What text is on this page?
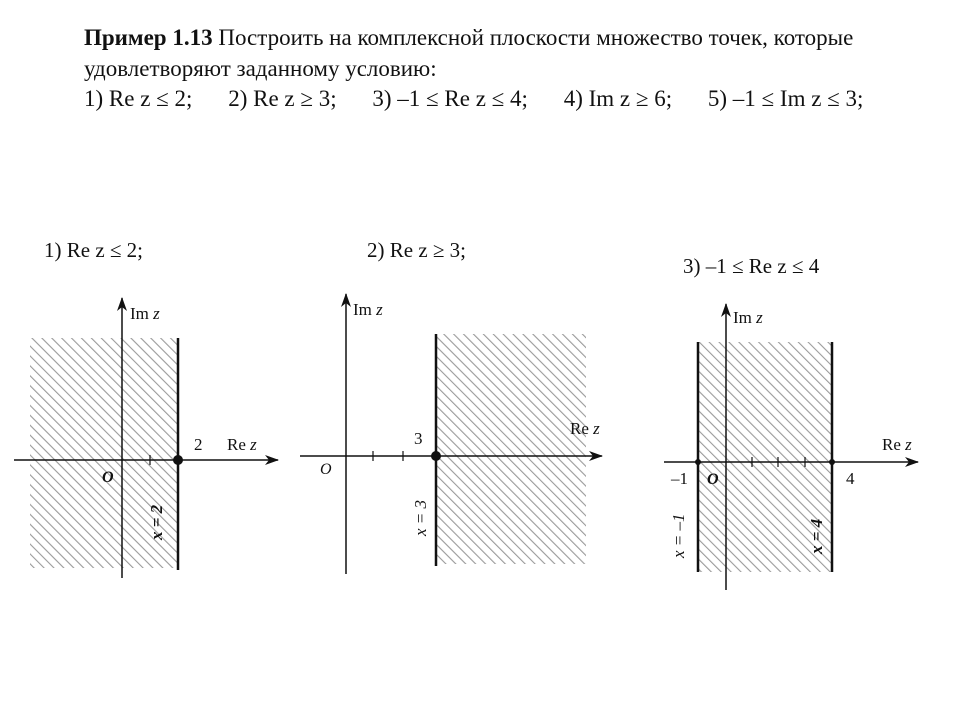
Пример 1.13 Построить на комплексной плоскости множество точек, которые удовлетворяют заданному условию:
1) Re z ≤ 2; 2) Re z ≥ 3; 3) –1 ≤ Re z ≤ 4; 4) Im z ≥ 6; 5) –1 ≤ Im z ≤ 3;
1) Re z ≤ 2;	2) Re z ≥ 3;
3) –1 ≤ Re z ≤ 4
Im z
Re z
2
O
x = 2
Im z
Re z
3
O
x = 3
Im z
Re z
–1	4
O
x = –1	x = 4
